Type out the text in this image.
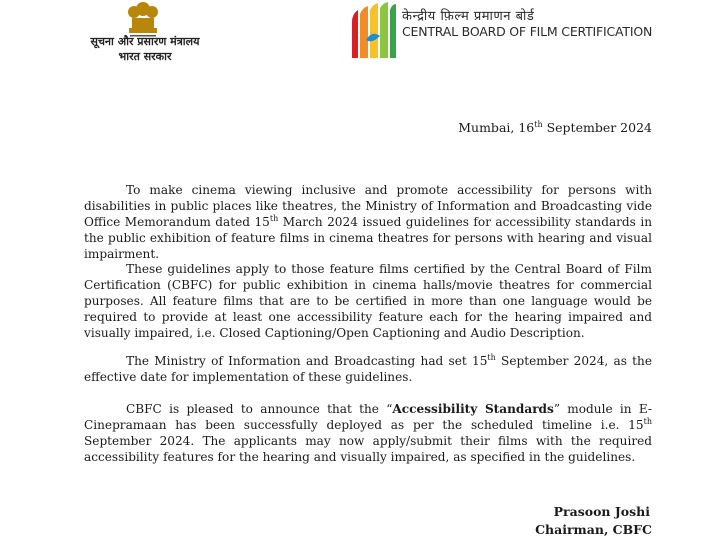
सूचना और प्रसारण मंत्रालय
भारत सरकार
केन्द्रीय फ़िल्म प्रमाणन बोर्ड
CENTRAL BOARD OF FILM CERTIFICATION
Mumbai, 16th September 2024

To make cinema viewing inclusive and promote accessibility for persons with disabilities in public places like theatres, the Ministry of Information and Broadcasting vide Office Memorandum dated 15th March 2024 issued guidelines for accessibility standards in the public exhibition of feature films in cinema theatres for persons with hearing and visual impairment.

These guidelines apply to those feature films certified by the Central Board of Film Certification (CBFC) for public exhibition in cinema halls/movie theatres for commercial purposes. All feature films that are to be certified in more than one language would be required to provide at least one accessibility feature each for the hearing impaired and visually impaired, i.e. Closed Captioning/Open Captioning and Audio Description.

The Ministry of Information and Broadcasting had set 15th September 2024, as the effective date for implementation of these guidelines.

CBFC is pleased to announce that the “Accessibility Standards” module in E-Cinepramaan has been successfully deployed as per the scheduled timeline i.e. 15th September 2024. The applicants may now apply/submit their films with the required accessibility features for the hearing and visually impaired, as specified in the guidelines.

Prasoon Joshi
Chairman, CBFC
